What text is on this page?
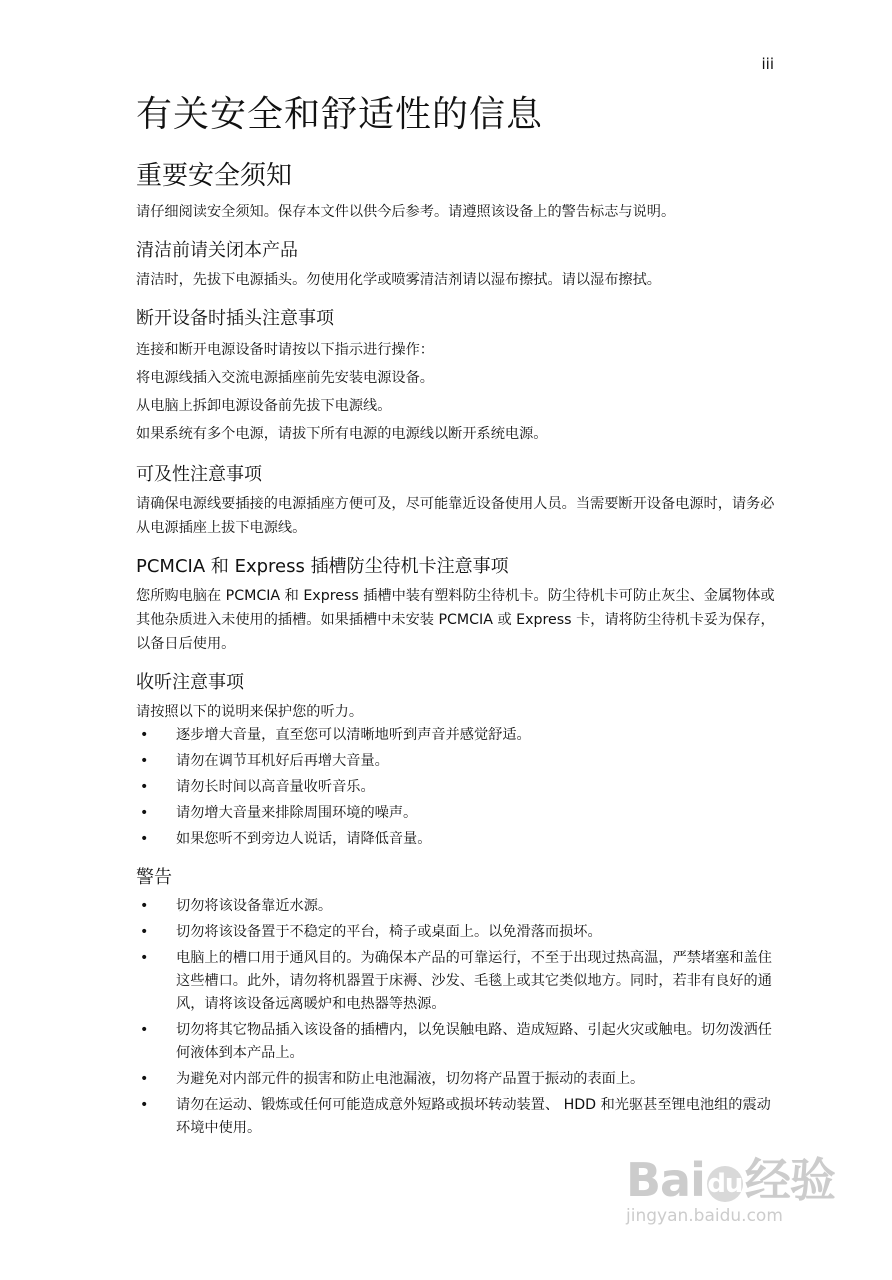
iii
有关安全和舒适性的信息
重要安全须知

请仔细阅读安全须知。保存本文件以供今后参考。请遵照该设备上的警告标志与说明。

清洁前请关闭本产品

清洁时，先拔下电源插头。勿使用化学或喷雾清洁剂请以湿布擦拭。请以湿布擦拭。

断开设备时插头注意事项
连接和断开电源设备时请按以下指示进行操作：
将电源线插入交流电源插座前先安装电源设备。
从电脑上拆卸电源设备前先拔下电源线。
如果系统有多个电源，请拔下所有电源的电源线以断开系统电源。
可及性注意事项

请确保电源线要插接的电源插座方便可及，尽可能靠近设备使用人员。当需要断开设备电源时，请务必从电源插座上拔下电源线。

PCMCIA 和 Express 插槽防尘待机卡注意事项

您所购电脑在 PCMCIA 和 Express 插槽中装有塑料防尘待机卡。防尘待机卡可防止灰尘、金属物体或其他杂质进入未使用的插槽。如果插槽中未安装 PCMCIA 或 Express 卡，请将防尘待机卡妥为保存，以备日后使用。

收听注意事项

请按照以下的说明来保护您的听力。

• 逐步增大音量，直至您可以清晰地听到声音并感觉舒适。
• 请勿在调节耳机好后再增大音量。
• 请勿长时间以高音量收听音乐。
• 请勿增大音量来排除周围环境的噪声。
• 如果您听不到旁边人说话，请降低音量。
警告
• 切勿将该设备靠近水源。
• 切勿将该设备置于不稳定的平台，椅子或桌面上。以免滑落而损坏。
• 电脑上的槽口用于通风目的。为确保本产品的可靠运行，不至于出现过热高温，严禁堵塞和盖住这些槽口。此外，请勿将机器置于床褥、沙发、毛毯上或其它类似地方。同时，若非有良好的通风，请将该设备远离暖炉和电热器等热源。
• 切勿将其它物品插入该设备的插槽内，以免误触电路、造成短路、引起火灾或触电。切勿泼洒任何液体到本产品上。
• 为避免对内部元件的损害和防止电池漏液，切勿将产品置于振动的表面上。
• 请勿在运动、锻炼或任何可能造成意外短路或损坏转动装置、 HDD 和光驱甚至锂电池组的震动环境中使用。
Baidu经验
jingyan.baidu.com
